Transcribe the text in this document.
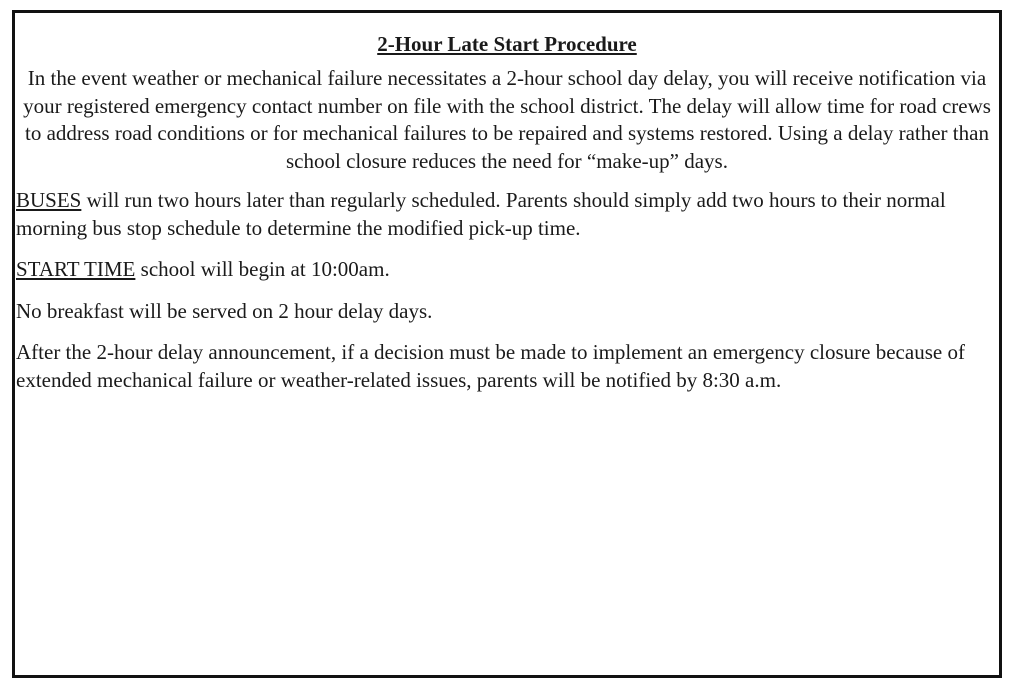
2-Hour Late Start Procedure

In the event weather or mechanical failure necessitates a 2-hour school day delay, you will receive notification via your registered emergency contact number on file with the school district. The delay will allow time for road crews to address road conditions or for mechanical failures to be repaired and systems restored. Using a delay rather than school closure reduces the need for “make-up” days.

BUSES will run two hours later than regularly scheduled. Parents should simply add two hours to their normal morning bus stop schedule to determine the modified pick-up time.

START TIME school will begin at 10:00am.

No breakfast will be served on 2 hour delay days.

After the 2-hour delay announcement, if a decision must be made to implement an emergency closure because of extended mechanical failure or weather-related issues, parents will be notified by 8:30 a.m.
